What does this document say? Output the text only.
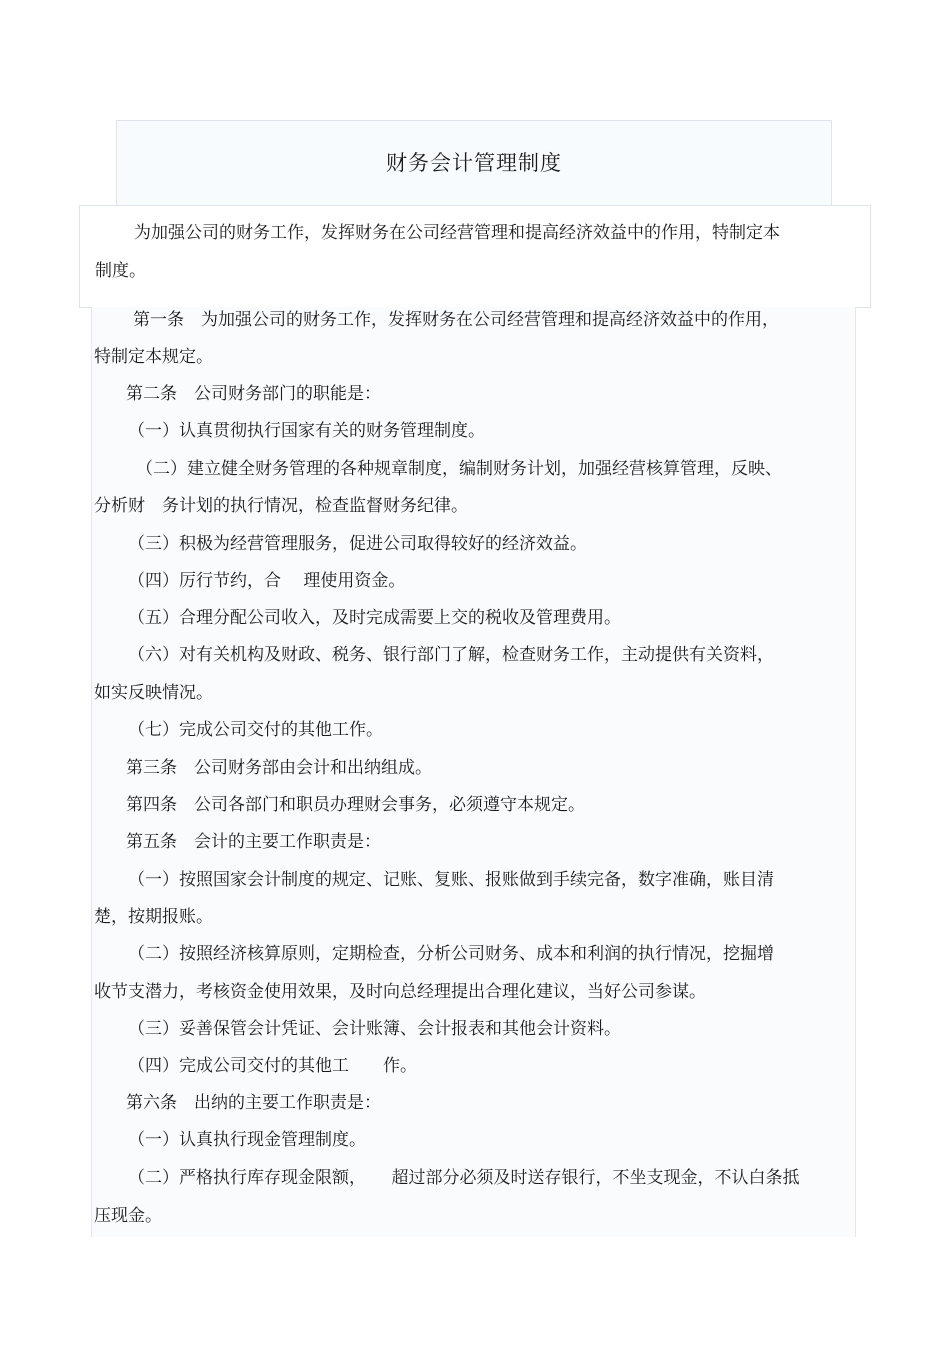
财务会计管理制度
为加强公司的财务工作，发挥财务在公司经营管理和提高经济效益中的作用，特制定本
制度。
第一条　为加强公司的财务工作，发挥财务在公司经营管理和提高经济效益中的作用，
特制定本规定。
第二条　公司财务部门的职能是：
（一）认真贯彻执行国家有关的财务管理制度。
（二）建立健全财务管理的各种规章制度，编制财务计划，加强经营核算管理，反映、
分析财　务计划的执行情况，检查监督财务纪律。
（三）积极为经营管理服务，促进公司取得较好的经济效益。
（四）厉行节约，合　 理使用资金。
（五）合理分配公司收入，及时完成需要上交的税收及管理费用。
（六）对有关机构及财政、税务、银行部门了解，检查财务工作，主动提供有关资料，
如实反映情况。
（七）完成公司交付的其他工作。
第三条　公司财务部由会计和出纳组成。
第四条　公司各部门和职员办理财会事务，必须遵守本规定。
第五条　会计的主要工作职责是：
（一）按照国家会计制度的规定、记账、复账、报账做到手续完备，数字准确，账目清
楚，按期报账。
（二）按照经济核算原则，定期检查，分析公司财务、成本和利润的执行情况，挖掘增
收节支潜力，考核资金使用效果，及时向总经理提出合理化建议，当好公司参谋。
（三）妥善保管会计凭证、会计账簿、会计报表和其他会计资料。
（四）完成公司交付的其他工　　作。
第六条　出纳的主要工作职责是：
（一）认真执行现金管理制度。
（二）严格执行库存现金限额，　　超过部分必须及时送存银行，不坐支现金，不认白条抵
压现金。
